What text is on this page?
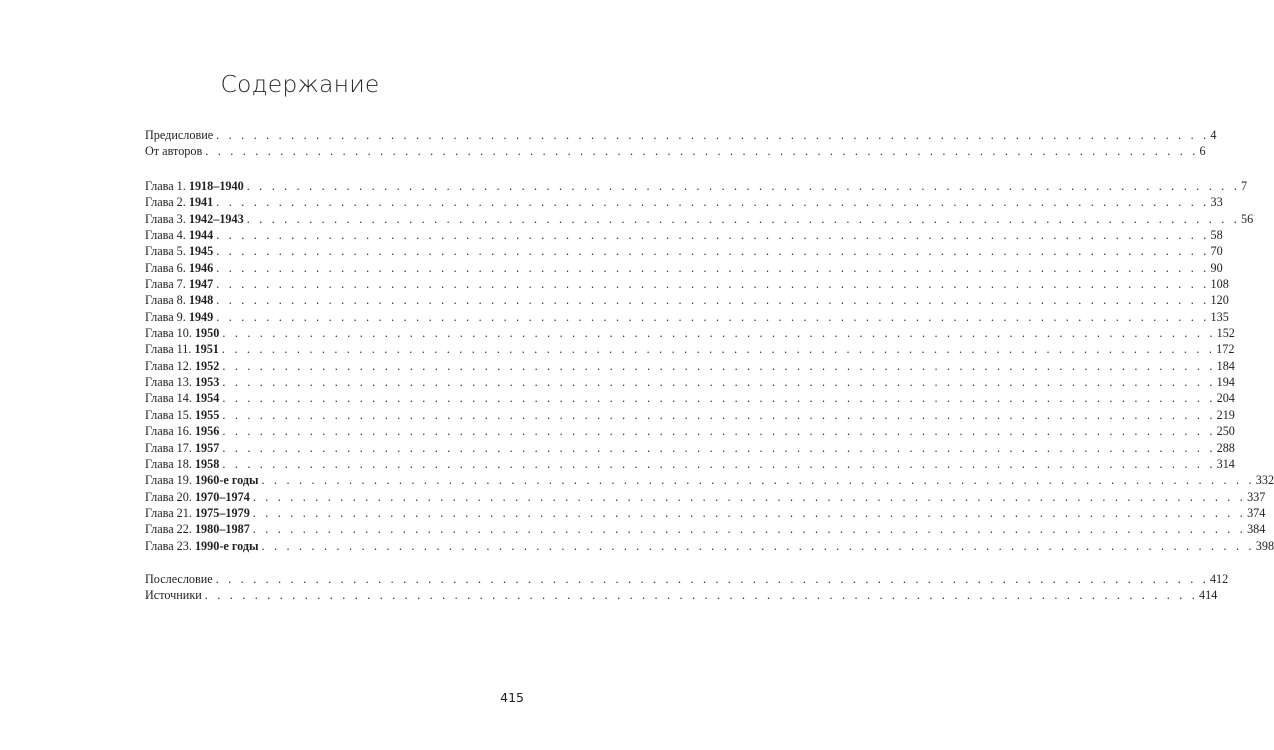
Содержание
Предисловие . . . . . . . . . . . . . . . . . . . . . . . . . . . . . . . . . . . . . . . . . . . . . . . . . . . . . . . . . . . . . . . . . . . . . . . . . . . . . . . . 4
От авторов . . . . . . . . . . . . . . . . . . . . . . . . . . . . . . . . . . . . . . . . . . . . . . . . . . . . . . . . . . . . . . . . . . . . . . . . . . . . . . . . 6
Глава 1. 1918–1940 . . . . . . . . . . . . . . . . . . . . . . . . . . . . . . . . . . . . . . . . . . . . . . . . . . . . . . . . . . . . . . . . . . . . . . . . . . . . . . . . 7
Глава 2. 1941 . . . . . . . . . . . . . . . . . . . . . . . . . . . . . . . . . . . . . . . . . . . . . . . . . . . . . . . . . . . . . . . . . . . . . . . . . . . . . . . . 33
Глава 3. 1942–1943 . . . . . . . . . . . . . . . . . . . . . . . . . . . . . . . . . . . . . . . . . . . . . . . . . . . . . . . . . . . . . . . . . . . . . . . . . . . . . . . . 56
Глава 4. 1944 . . . . . . . . . . . . . . . . . . . . . . . . . . . . . . . . . . . . . . . . . . . . . . . . . . . . . . . . . . . . . . . . . . . . . . . . . . . . . . . . 58
Глава 5. 1945 . . . . . . . . . . . . . . . . . . . . . . . . . . . . . . . . . . . . . . . . . . . . . . . . . . . . . . . . . . . . . . . . . . . . . . . . . . . . . . . . 70
Глава 6. 1946 . . . . . . . . . . . . . . . . . . . . . . . . . . . . . . . . . . . . . . . . . . . . . . . . . . . . . . . . . . . . . . . . . . . . . . . . . . . . . . . . 90
Глава 7. 1947 . . . . . . . . . . . . . . . . . . . . . . . . . . . . . . . . . . . . . . . . . . . . . . . . . . . . . . . . . . . . . . . . . . . . . . . . . . . . . . . . 108
Глава 8. 1948 . . . . . . . . . . . . . . . . . . . . . . . . . . . . . . . . . . . . . . . . . . . . . . . . . . . . . . . . . . . . . . . . . . . . . . . . . . . . . . . . 120
Глава 9. 1949 . . . . . . . . . . . . . . . . . . . . . . . . . . . . . . . . . . . . . . . . . . . . . . . . . . . . . . . . . . . . . . . . . . . . . . . . . . . . . . . . 135
Глава 10. 1950 . . . . . . . . . . . . . . . . . . . . . . . . . . . . . . . . . . . . . . . . . . . . . . . . . . . . . . . . . . . . . . . . . . . . . . . . . . . . . . . . 152
Глава 11. 1951 . . . . . . . . . . . . . . . . . . . . . . . . . . . . . . . . . . . . . . . . . . . . . . . . . . . . . . . . . . . . . . . . . . . . . . . . . . . . . . . . 172
Глава 12. 1952 . . . . . . . . . . . . . . . . . . . . . . . . . . . . . . . . . . . . . . . . . . . . . . . . . . . . . . . . . . . . . . . . . . . . . . . . . . . . . . . . 184
Глава 13. 1953 . . . . . . . . . . . . . . . . . . . . . . . . . . . . . . . . . . . . . . . . . . . . . . . . . . . . . . . . . . . . . . . . . . . . . . . . . . . . . . . . 194
Глава 14. 1954 . . . . . . . . . . . . . . . . . . . . . . . . . . . . . . . . . . . . . . . . . . . . . . . . . . . . . . . . . . . . . . . . . . . . . . . . . . . . . . . . 204
Глава 15. 1955 . . . . . . . . . . . . . . . . . . . . . . . . . . . . . . . . . . . . . . . . . . . . . . . . . . . . . . . . . . . . . . . . . . . . . . . . . . . . . . . . 219
Глава 16. 1956 . . . . . . . . . . . . . . . . . . . . . . . . . . . . . . . . . . . . . . . . . . . . . . . . . . . . . . . . . . . . . . . . . . . . . . . . . . . . . . . . 250
Глава 17. 1957 . . . . . . . . . . . . . . . . . . . . . . . . . . . . . . . . . . . . . . . . . . . . . . . . . . . . . . . . . . . . . . . . . . . . . . . . . . . . . . . . 288
Глава 18. 1958 . . . . . . . . . . . . . . . . . . . . . . . . . . . . . . . . . . . . . . . . . . . . . . . . . . . . . . . . . . . . . . . . . . . . . . . . . . . . . . . . 314
Глава 19. 1960-е годы . . . . . . . . . . . . . . . . . . . . . . . . . . . . . . . . . . . . . . . . . . . . . . . . . . . . . . . . . . . . . . . . . . . . . . . . . . . . . . . . 332
Глава 20. 1970–1974 . . . . . . . . . . . . . . . . . . . . . . . . . . . . . . . . . . . . . . . . . . . . . . . . . . . . . . . . . . . . . . . . . . . . . . . . . . . . . . . . 337
Глава 21. 1975–1979 . . . . . . . . . . . . . . . . . . . . . . . . . . . . . . . . . . . . . . . . . . . . . . . . . . . . . . . . . . . . . . . . . . . . . . . . . . . . . . . . 374
Глава 22. 1980–1987 . . . . . . . . . . . . . . . . . . . . . . . . . . . . . . . . . . . . . . . . . . . . . . . . . . . . . . . . . . . . . . . . . . . . . . . . . . . . . . . . 384
Глава 23. 1990-е годы . . . . . . . . . . . . . . . . . . . . . . . . . . . . . . . . . . . . . . . . . . . . . . . . . . . . . . . . . . . . . . . . . . . . . . . . . . . . . . . . 398
Послесловие . . . . . . . . . . . . . . . . . . . . . . . . . . . . . . . . . . . . . . . . . . . . . . . . . . . . . . . . . . . . . . . . . . . . . . . . . . . . . . . . 412
Источники . . . . . . . . . . . . . . . . . . . . . . . . . . . . . . . . . . . . . . . . . . . . . . . . . . . . . . . . . . . . . . . . . . . . . . . . . . . . . . . . 414
415
